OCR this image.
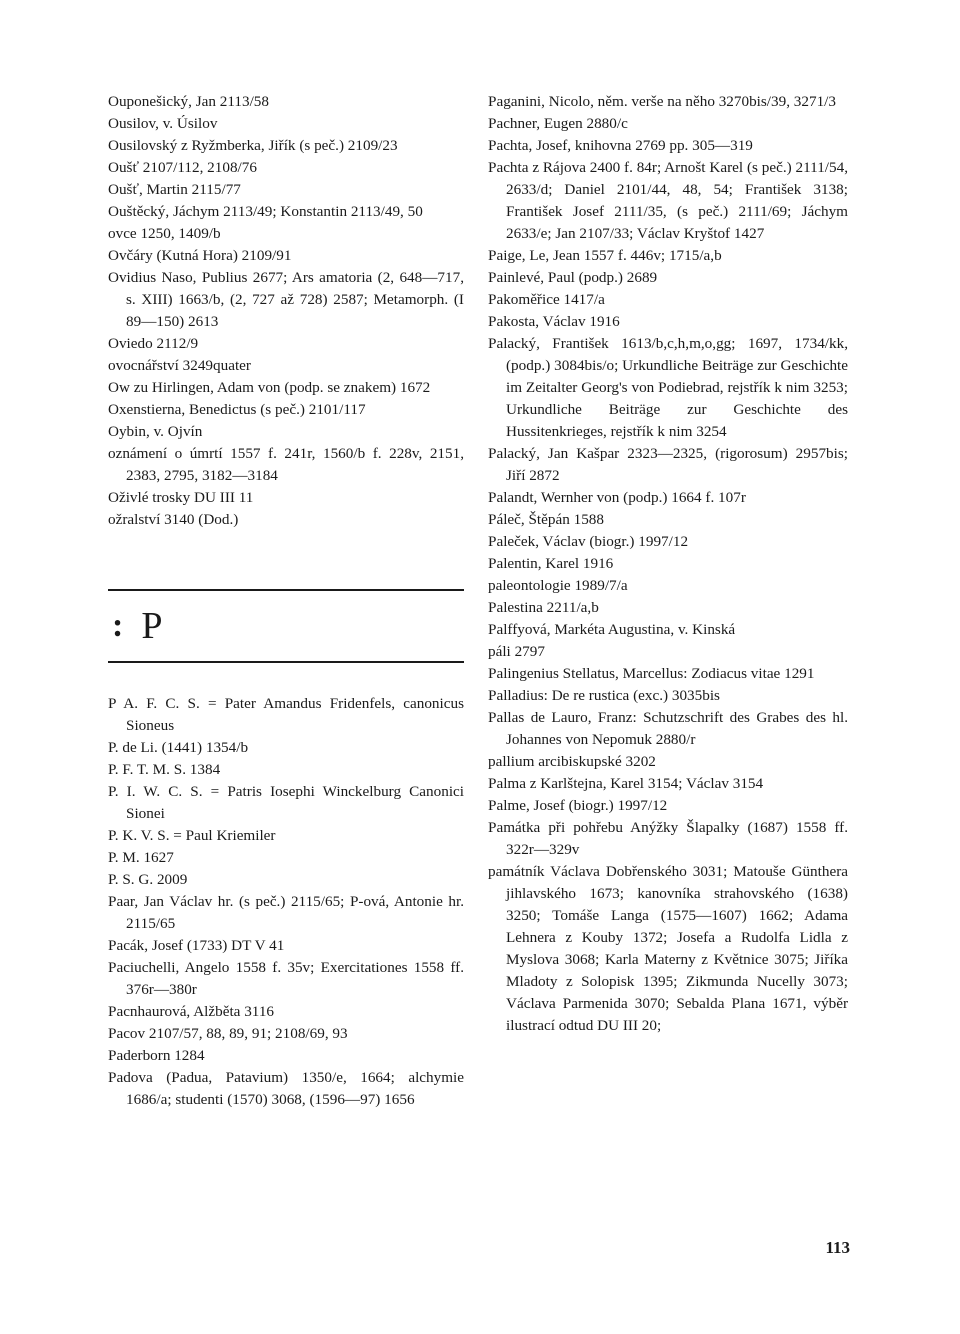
Ouponešický, Jan 2113/58

Ousilov, v. Úsilov

Ousilovský z Ryžmberka, Jiřík (s peč.) 2109/23

Oušť 2107/112, 2108/76

Oušť, Martin 2115/77

Ouštěcký, Jáchym 2113/49; Konstantin 2113/49, 50

ovce 1250, 1409/b

Ovčáry (Kutná Hora) 2109/91

Ovidius Naso, Publius 2677; Ars amatoria (2, 648—717, s. XIII) 1663/b, (2, 727 až 728) 2587; Metamorph. (I 89—150) 2613

Oviedo 2112/9

ovocnářství 3249quater

Ow zu Hirlingen, Adam von (podp. se znakem) 1672

Oxenstierna, Benedictus (s peč.) 2101/117

Oybin, v. Ojvín

oznámení o úmrtí 1557 f. 241r, 1560/b f. 228v, 2151, 2383, 2795, 3182—3184

Oživlé trosky DU III 11

ožralství 3140 (Dod.)

: P

P A. F. C. S. = Pater Amandus Fridenfels, canonicus Sioneus

P. de Li. (1441) 1354/b

P. F. T. M. S. 1384

P. I. W. C. S. = Patris Iosephi Winckelburg Canonici Sionei

P. K. V. S. = Paul Kriemiler

P. M. 1627

P. S. G. 2009

Paar, Jan Václav hr. (s peč.) 2115/65; P-ová, Antonie hr. 2115/65

Pacák, Josef (1733) DT V 41

Paciuchelli, Angelo 1558 f. 35v; Exercitationes 1558 ff. 376r—380r

Pacnhaurová, Alžběta 3116

Pacov 2107/57, 88, 89, 91; 2108/69, 93

Paderborn 1284

Padova (Padua, Patavium) 1350/e, 1664; alchymie 1686/a; studenti (1570) 3068, (1596—97) 1656

Paganini, Nicolo, něm. verše na něho 3270bis/39, 3271/3

Pachner, Eugen 2880/c

Pachta, Josef, knihovna 2769 pp. 305—319

Pachta z Rájova 2400 f. 84r; Arnošt Karel (s peč.) 2111/54, 2633/d; Daniel 2101/44, 48, 54; František 3138; František Josef 2111/35, (s peč.) 2111/69; Jáchym 2633/e; Jan 2107/33; Václav Kryštof 1427

Paige, Le, Jean 1557 f. 446v; 1715/a,b

Painlevé, Paul (podp.) 2689

Pakoměřice 1417/a

Pakosta, Václav 1916

Palacký, František 1613/b,c,h,m,o,gg; 1697, 1734/kk, (podp.) 3084bis/o; Urkundliche Beiträge zur Geschichte im Zeitalter Georg's von Podiebrad, rejstřík k nim 3253; Urkundliche Beiträge zur Geschichte des Hussitenkrieges, rejstřík k nim 3254

Palacký, Jan Kašpar 2323—2325, (rigorosum) 2957bis; Jiří 2872

Palandt, Wernher von (podp.) 1664 f. 107r

Páleč, Štěpán 1588

Paleček, Václav (biogr.) 1997/12

Palentin, Karel 1916

paleontologie 1989/7/a

Palestina 2211/a,b

Palffyová, Markéta Augustina, v. Kinská

páli 2797

Palingenius Stellatus, Marcellus: Zodiacus vitae 1291

Palladius: De re rustica (exc.) 3035bis

Pallas de Lauro, Franz: Schutzschrift des Grabes des hl. Johannes von Nepomuk 2880/r

pallium arcibiskupské 3202

Palma z Karlštejna, Karel 3154; Václav 3154

Palme, Josef (biogr.) 1997/12

Památka při pohřebu Anýžky Šlapalky (1687) 1558 ff. 322r—329v

památník Václava Dobřenského 3031; Matouše Günthera jihlavského 1673; kanovníka strahovského (1638) 3250; Tomáše Langa (1575—1607) 1662; Adama Lehnera z Kouby 1372; Josefa a Rudolfa Lidla z Myslova 3068; Karla Materny z Květnice 3075; Jiříka Mladoty z Solopisk 1395; Zikmunda Nucelly 3073; Václava Parmenida 3070; Sebalda Plana 1671, výběr ilustrací odtud DU III 20;

113
